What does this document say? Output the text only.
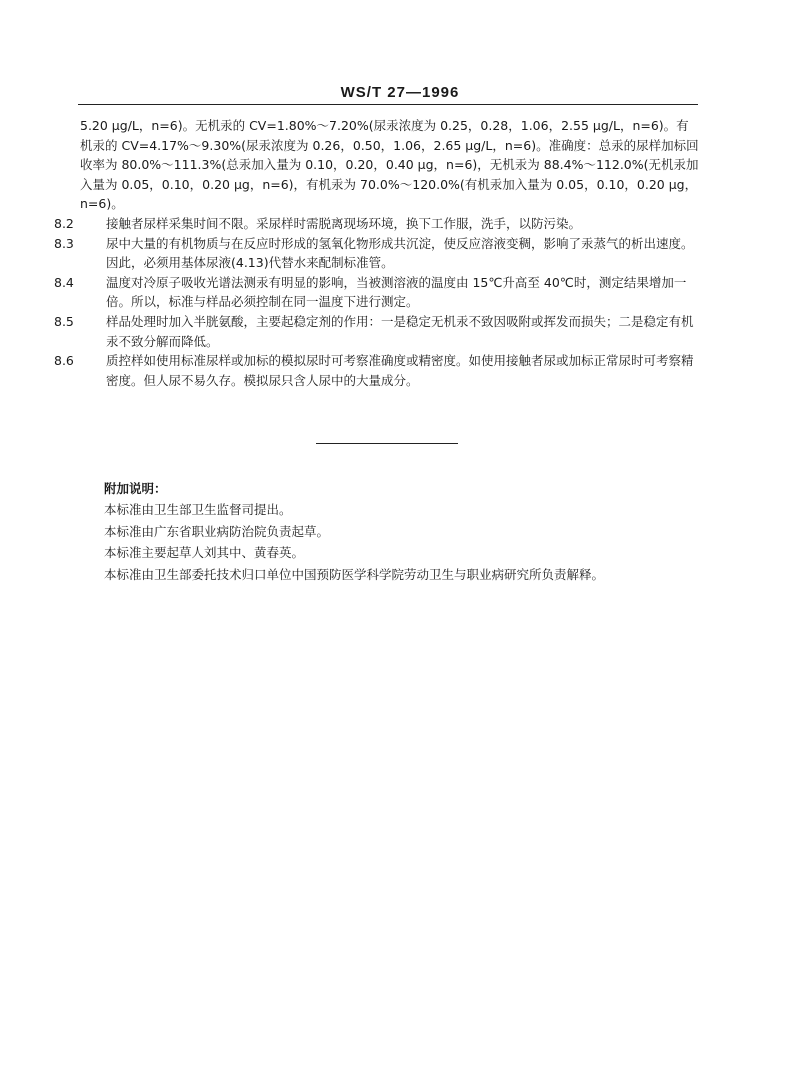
WS/T 27—1996

5.20 μg/L，n=6)。无机汞的 CV=1.80%～7.20%(尿汞浓度为 0.25，0.28，1.06，2.55 μg/L，n=6)。有机汞的 CV=4.17%～9.30%(尿汞浓度为 0.26，0.50，1.06，2.65 μg/L，n=6)。准确度：总汞的尿样加标回收率为 80.0%～111.3%(总汞加入量为 0.10，0.20，0.40 μg，n=6)，无机汞为 88.4%～112.0%(无机汞加入量为 0.05，0.10，0.20 μg，n=6)，有机汞为 70.0%～120.0%(有机汞加入量为 0.05，0.10，0.20 μg，n=6)。

8.2	接触者尿样采集时间不限。采尿样时需脱离现场环境，换下工作服，洗手，以防污染。

8.3	尿中大量的有机物质与在反应时形成的氢氧化物形成共沉淀，使反应溶液变稠，影响了汞蒸气的析出速度。因此，必须用基体尿液(4.13)代替水来配制标准管。

8.4	温度对冷原子吸收光谱法测汞有明显的影响，当被测溶液的温度由 15℃升高至 40℃时，测定结果增加一倍。所以，标准与样品必须控制在同一温度下进行测定。

8.5	样品处理时加入半胱氨酸，主要起稳定剂的作用：一是稳定无机汞不致因吸附或挥发而损失；二是稳定有机汞不致分解而降低。

8.6	质控样如使用标准尿样或加标的模拟尿时可考察准确度或精密度。如使用接触者尿或加标正常尿时可考察精密度。但人尿不易久存。模拟尿只含人尿中的大量成分。

附加说明：

本标准由卫生部卫生监督司提出。

本标准由广东省职业病防治院负责起草。

本标准主要起草人刘其中、黄春英。

本标准由卫生部委托技术归口单位中国预防医学科学院劳动卫生与职业病研究所负责解释。
